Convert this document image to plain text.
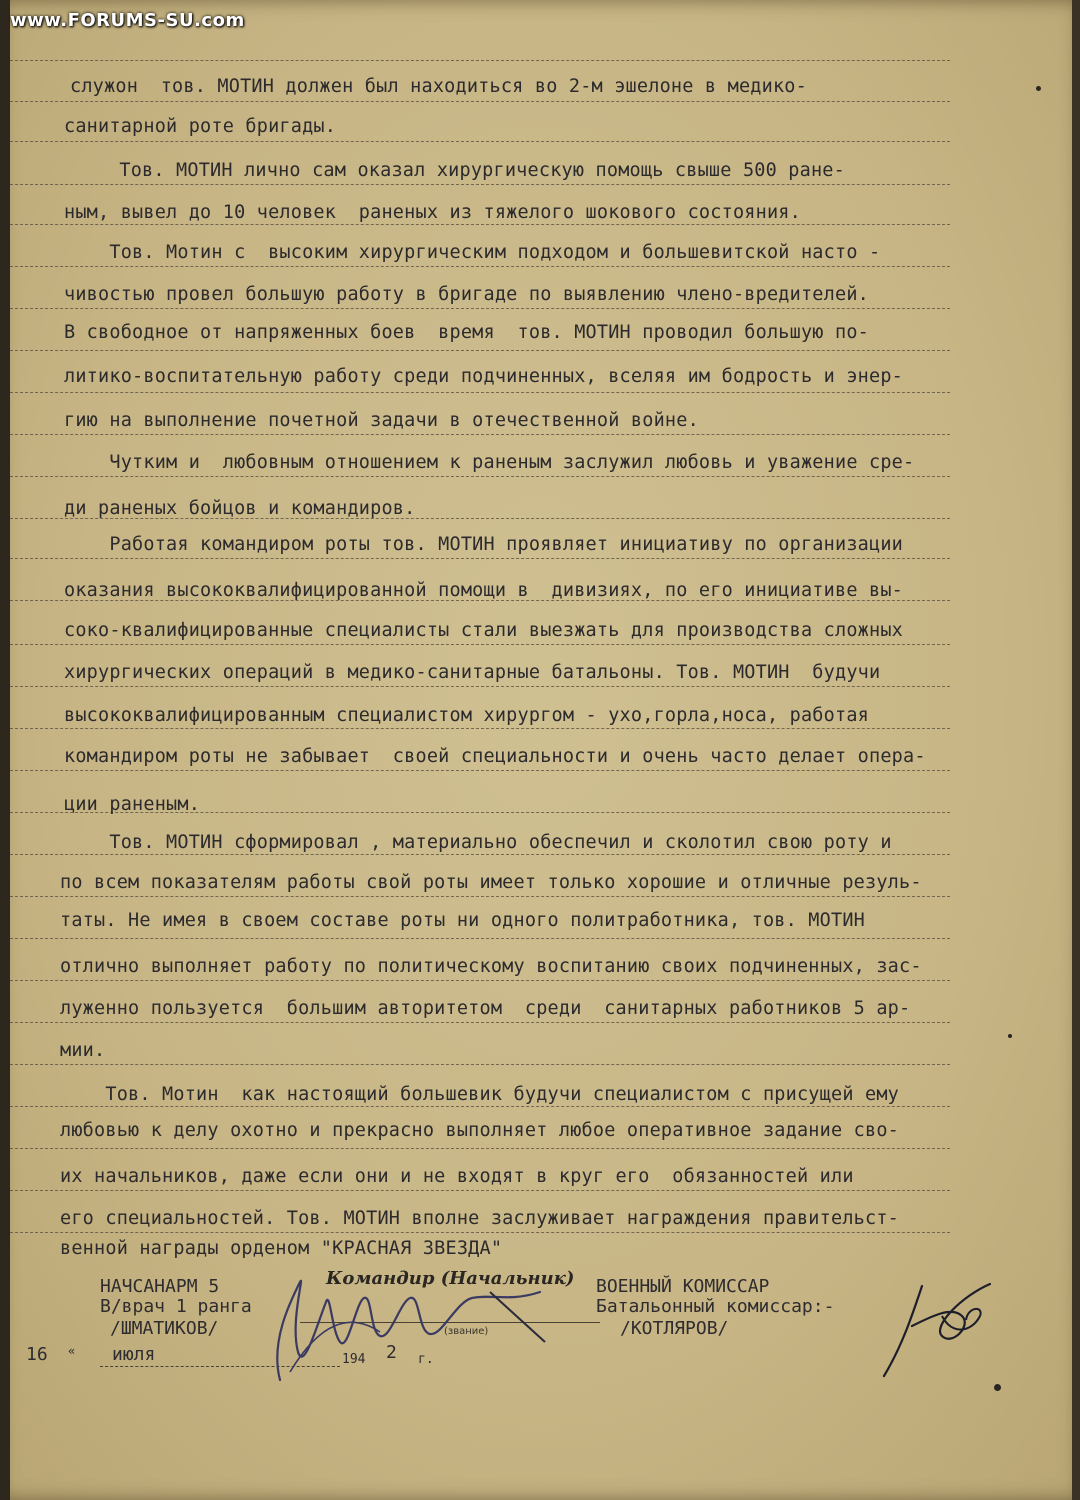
www.FORUMS-SU.com
служон  тов. МОТИН должен был находиться во 2-м эшелоне в медико-
санитарной роте бригады.
Тов. МОТИН лично сам оказал хирургическую помощь свыше 500 ране-
ным, вывел до 10 человек  раненых из тяжелого шокового состояния.
Тов. Мотин с  высоким хирургическим подходом и большевитской насто -
чивостью провел большую работу в бригаде по выявлению члено-вредителей.
В свободное от напряженных боев  время  тов. МОТИН проводил большую по-
литико-воспитательную работу среди подчиненных, вселяя им бодрость и энер-
гию на выполнение почетной задачи в отечественной войне.
Чутким и  любовным отношением к раненым заслужил любовь и уважение сре-
ди раненых бойцов и командиров.
Работая командиром роты тов. МОТИН проявляет инициативу по организации
оказания высококвалифицированной помощи в  дивизиях, по его инициативе вы-
соко-квалифицированные специалисты стали выезжать для производства сложных
хирургических операций в медико-санитарные батальоны. Тов. МОТИН  будучи
высококвалифицированным специалистом хирургом - ухо,горла,носа, работая
командиром роты не забывает  своей специальности и очень часто делает опера-
ции раненым.
Тов. МОТИН сформировал , материально обеспечил и сколотил свою роту и
по всем показателям работы свой роты имеет только хорошие и отличные резуль-
таты. Не имея в своем составе роты ни одного политработника, тов. МОТИН
отлично выполняет работу по политическому воспитанию своих подчиненных, зас-
луженно пользуется  большим авторитетом  среди  санитарных работников 5 ар-
мии.
Тов. Мотин  как настоящий большевик будучи специалистом с присущей ему
любовью к делу охотно и прекрасно выполняет любое оперативное задание сво-
их начальников, даже если они и не входят в круг его  обязанностей или
его специальностей. Тов. МОТИН вполне заслуживает награждения правительст-
венной награды орденом "КРАСНАЯ ЗВЕЗДА"
НАЧСАНАРМ 5
В/врач 1 ранга
/ШМАТИКОВ/
Командир (Начальник)
(звание)
ВОЕННЫЙ КОМИССАР
Батальонный комиссар:-
/КОТЛЯРОВ/
16 « июля	194 2 г.
